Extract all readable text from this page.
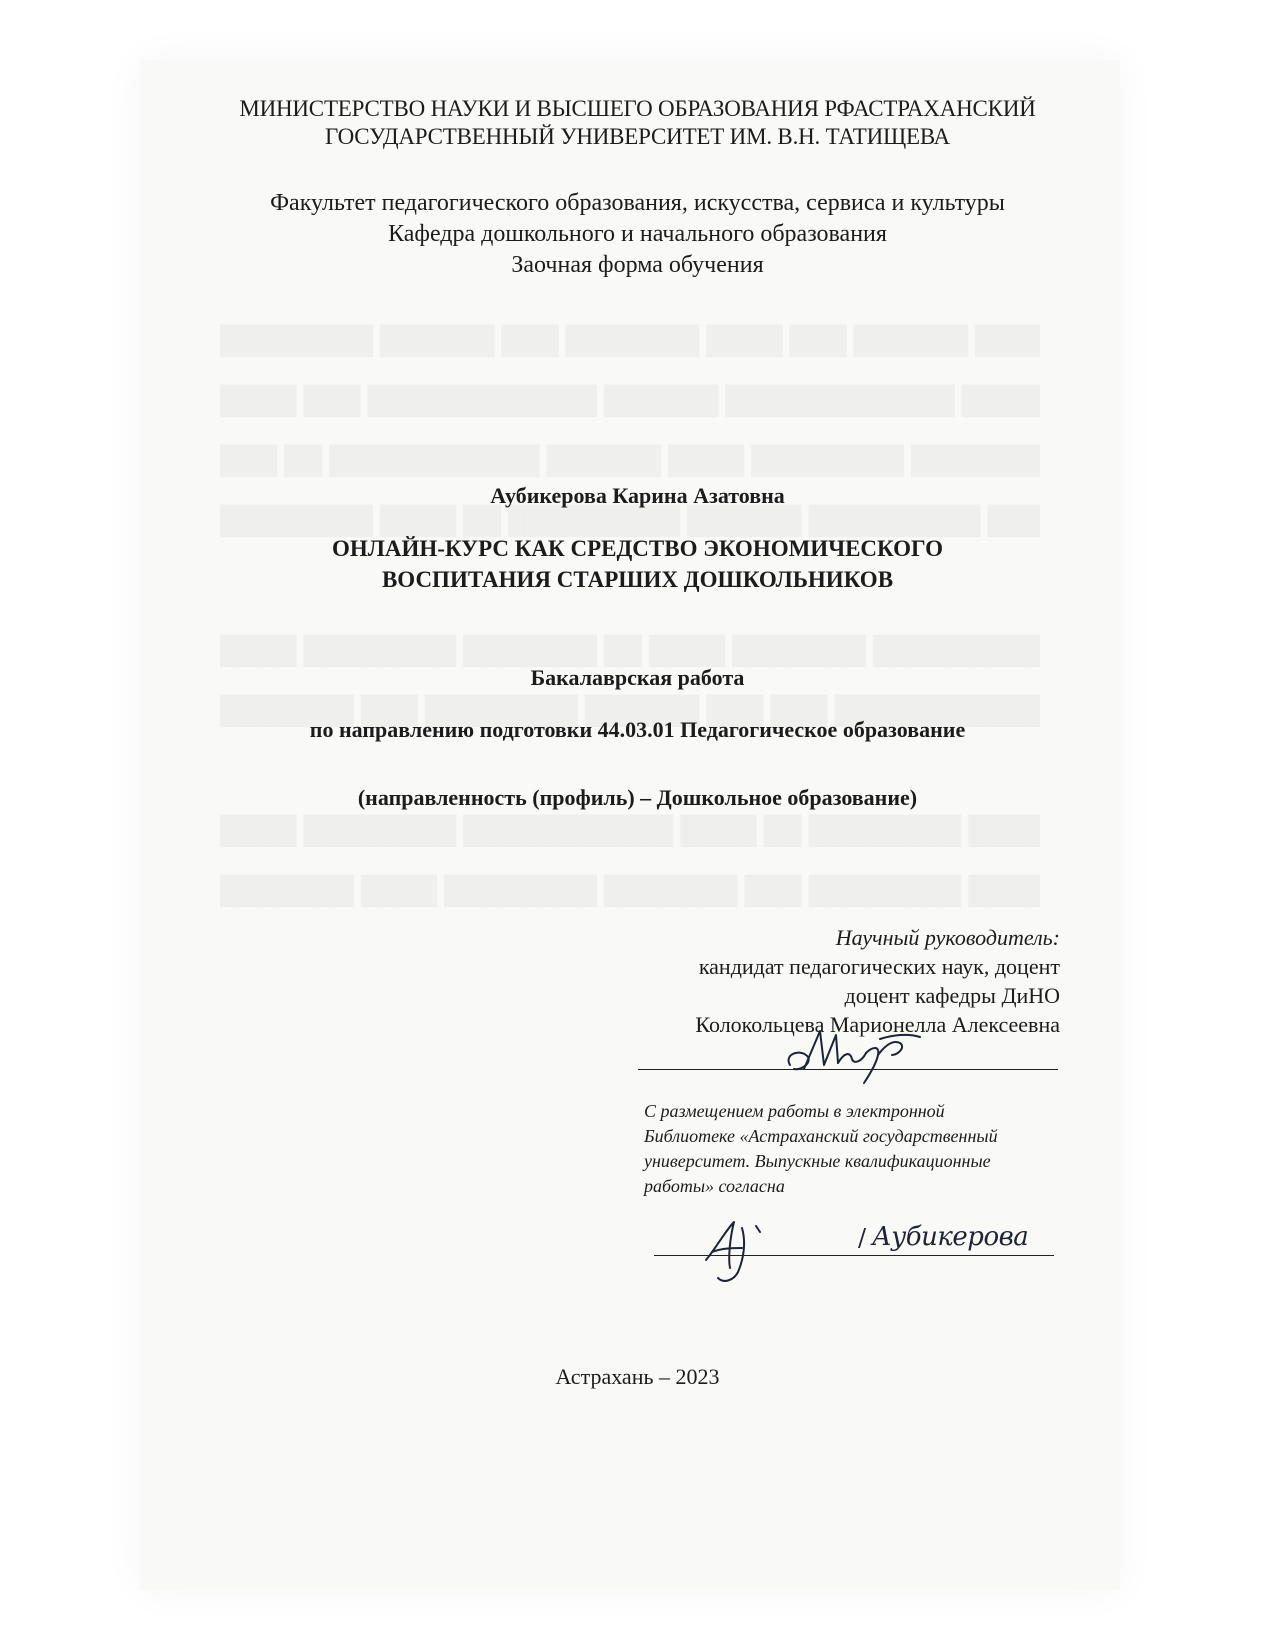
МИНИСТЕРСТВО НАУКИ И ВЫСШЕГО ОБРАЗОВАНИЯ РФАСТРАХАНСКИЙ
ГОСУДАРСТВЕННЫЙ УНИВЕРСИТЕТ ИМ. В.Н. ТАТИЩЕВА
Факультет педагогического образования, искусства, сервиса и культуры
Кафедра дошкольного и начального образования
Заочная форма обучения
Аубикерова Карина Азатовна
ОНЛАЙН-КУРС КАК СРЕДСТВО ЭКОНОМИЧЕСКОГО
ВОСПИТАНИЯ СТАРШИХ ДОШКОЛЬНИКОВ
Бакалаврская работа
по направлению подготовки 44.03.01 Педагогическое образование
(направленность (профиль) – Дошкольное образование)
Научный руководитель:
кандидат педагогических наук, доцент
доцент кафедры ДиНО
Колокольцева Марионелла Алексеевна
С размещением работы в электронной
Библиотеке «Астраханский государственный
университет. Выпускные квалификационные
работы» согласна
/ Аубикерова
Астрахань – 2023
